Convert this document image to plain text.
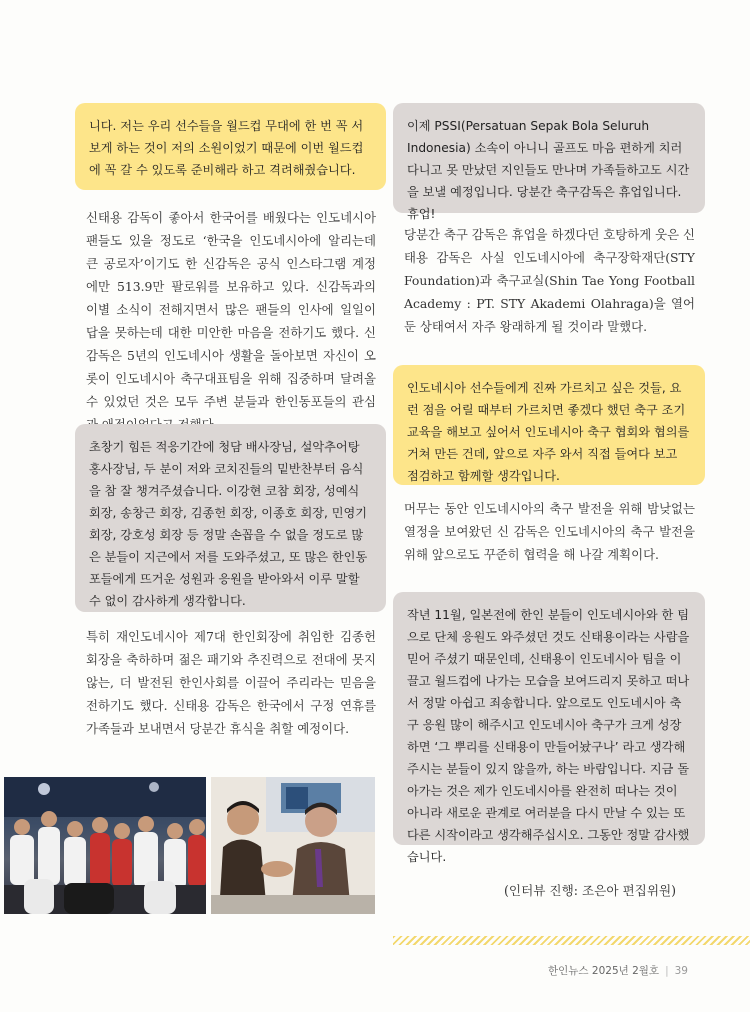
니다. 저는 우리 선수들을 월드컵 무대에 한 번 꼭 서 보게 하는 것이 저의 소원이었기 때문에 이번 월드컵에 꼭 갈 수 있도록 준비해라 하고 격려해줬습니다.
신태용 감독이 좋아서 한국어를 배웠다는 인도네시아 팬들도 있을 정도로 ‘한국을 인도네시아에 알리는데 큰 공로자’이기도 한 신감독은 공식 인스타그램 계정에만 513.9만 팔로워를 보유하고 있다. 신감독과의 이별 소식이 전해지면서 많은 팬들의 인사에 일일이 답을 못하는데 대한 미안한 마음을 전하기도 했다. 신감독은 5년의 인도네시아 생활을 돌아보면 자신이 오롯이 인도네시아 축구대표팀을 위해 집중하며 달려올 수 있었던 것은 모두 주변 분들과 한인동포들의 관심
초창기 힘든 적응기간에 청담 배사장님, 설악추어탕 홍사장님, 두 분이 저와 코치진들의 밑반찬부터 음식을 참 잘 챙겨주셨습니다. 이강현 코참 회장, 성예식 회장, 송창근 회장, 김종헌 회장, 이종호 회장, 민영기 회장, 강호성 회장 등 정말 손꼽을 수 없을 정도로 많은 분들이 지근에서 저를 도와주셨고, 또 많은 한인동포들에게 뜨거운 성원과 응원을 받아와서 이루 말할 수 없이 감사하게 생각합니다.
특히 재인도네시아 제7대 한인회장에 취임한 김종헌 회장을 축하하며 젊은 패기와 추진력으로 전대에 못지 않는, 더 발전된 한인사회를 이끌어 주리라는 믿음을 전하기도 했다. 신태용 감독은 한국에서 구정 연휴를 가족들과 보내면서 당분간 휴식을 취할 예정이다.
이제 PSSI(Persatuan Sepak Bola Seluruh Indonesia) 소속이 아니니 골프도 마음 편하게 치러 다니고 못 만났던 지인들도 만나며 가족들하고도 시간을 보낼 예정입니다. 당분간 축구감독은 휴업입니다. 휴업!
당분간 축구 감독은 휴업을 하겠다던 호탕하게 웃은 신태용 감독은 사실 인도네시아에 축구장학재단(STY Foundation)과 축구교실(Shin Tae Yong Football Academy : PT. STY Akademi Olahraga)을 열어둔 상태여서 자주 왕래하게 될 것이라 말했다.
인도네시아 선수들에게 진짜 가르치고 싶은 것들, 요런 점을 어릴 때부터 가르치면 좋겠다 했던 축구 조기 교육을 해보고 싶어서 인도네시아 축구 협회와 협의를 거쳐 만든 건데, 앞으로 자주 와서 직접 들여다 보고 점검하고 함께할 생각입니다.
머무는 동안 인도네시아의 축구 발전을 위해 밤낮없는 열정을 보여왔던 신 감독은 인도네시아의 축구 발전을 위해 앞으로도 꾸준히 협력을 해 나갈 계획이다.
작년 11월, 일본전에 한인 분들이 인도네시아와 한 팀으로 단체 응원도 와주셨던 것도 신태용이라는 사람을 믿어 주셨기 때문인데, 신태용이 인도네시아 팀을 이끌고 월드컵에 나가는 모습을 보여드리지 못하고 떠나서 정말 아쉽고 죄송합니다. 앞으로도 인도네시아 축구 응원 많이 해주시고 인도네시아 축구가 크게 성장하면 ‘그 뿌리를 신태용이 만들어놨구나’ 라고 생각해주시는 분들이 있지 않을까, 하는 바람입니다. 지금 돌아가는 것은 제가 인도네시아를 완전히 떠나는 것이 아니라 새로운 관계로 여러분을 다시 만날 수 있는 또 다른 시작이라고 생각해주십시오. 그동안 정말 감사했습니다.
(인터뷰 진행: 조은아 편집위원)
한인뉴스 2025년 2월호 | 39
